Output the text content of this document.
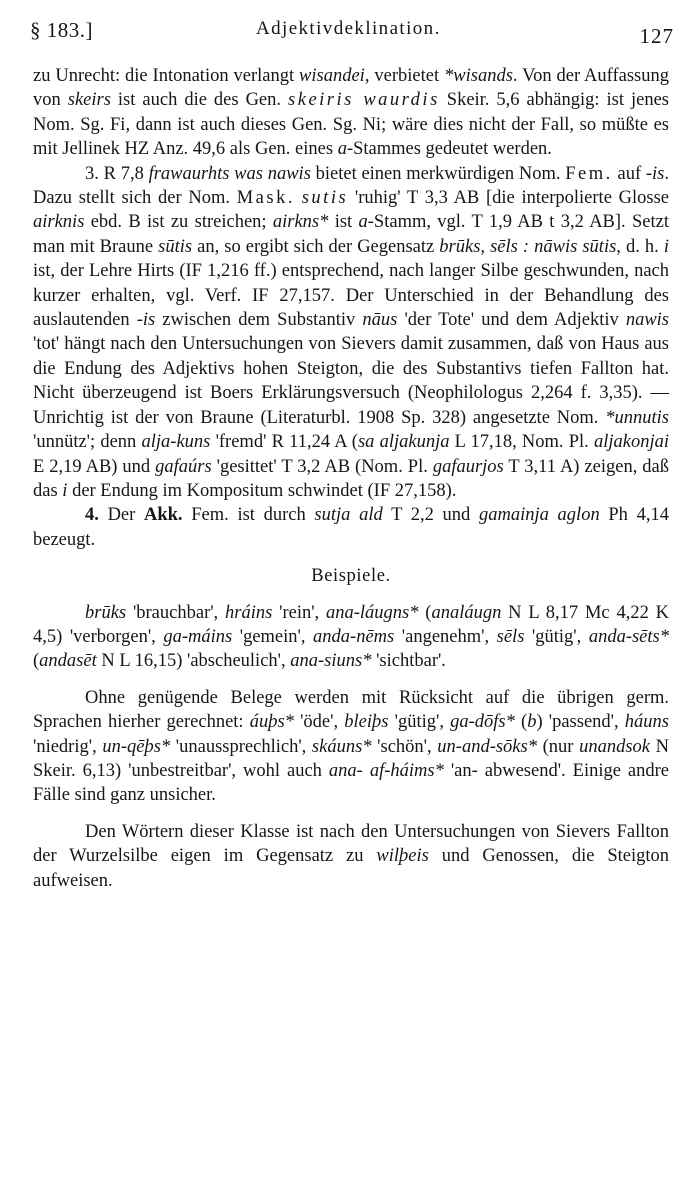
§ 183.]	Adjektivdeklination.	127

zu Unrecht: die Intonation verlangt wisandei, verbietet *wisands. Von der Auffassung von skeirs ist auch die des Gen. skeiris waurdis Skeir. 5,6 abhängig: ist jenes Nom. Sg. Fi, dann ist auch dieses Gen. Sg. Ni; wäre dies nicht der Fall, so müßte es mit Jellinek HZ Anz. 49,6 als Gen. eines a-Stammes gedeutet werden.

3. R 7,8 frawaurhts was nawis bietet einen merkwürdigen Nom. Fem. auf -is. Dazu stellt sich der Nom. Mask. sutis 'ruhig' T 3,3 AB [die interpolierte Glosse airknis ebd. B ist zu streichen; airkns* ist a-Stamm, vgl. T 1,9 AB t 3,2 AB]. Setzt man mit Braune sūtis an, so ergibt sich der Gegensatz brūks, sēls : nāwis sūtis, d. h. i ist, der Lehre Hirts (IF 1,216 ff.) entsprechend, nach langer Silbe geschwunden, nach kurzer erhalten, vgl. Verf. IF 27,157. Der Unterschied in der Behandlung des auslautenden -is zwischen dem Substantiv nāus 'der Tote' und dem Adjektiv nawis 'tot' hängt nach den Untersuchungen von Sievers damit zusammen, daß von Haus aus die Endung des Adjektivs hohen Steigton, die des Substantivs tiefen Fallton hat. Nicht überzeugend ist Boers Erklärungsversuch (Neophilologus 2,264 f. 3,35). — Unrichtig ist der von Braune (Literaturbl. 1908 Sp. 328) angesetzte Nom. *unnutis 'unnütz'; denn alja-kuns 'fremd' R 11,24 A (sa aljakunja L 17,18, Nom. Pl. aljakonjai E 2,19 AB) und gafaúrs 'gesittet' T 3,2 AB (Nom. Pl. gafaurjos T 3,11 A) zeigen, daß das i der Endung im Kompositum schwindet (IF 27,158).

4. Der Akk. Fem. ist durch sutja ald T 2,2 und gamainja aglon Ph 4,14 bezeugt.

Beispiele.

brūks 'brauchbar', hráins 'rein', ana-láugns* (analáugn N L 8,17 Mc 4,22 K 4,5) 'verborgen', ga-máins 'gemein', anda-nēms 'angenehm', sēls 'gütig', anda-sēts* (andasēt N L 16,15) 'abscheulich', ana-siuns* 'sichtbar'.

Ohne genügende Belege werden mit Rücksicht auf die übrigen germ. Sprachen hierher gerechnet: áuþs* 'öde', bleiþs 'gütig', ga-dōfs* (b) 'passend', háuns 'niedrig', un-qēþs* 'unaussprechlich', skáuns* 'schön', un-and-sōks* (nur unandsok N Skeir. 6,13) 'unbestreitbar', wohl auch ana- af-háims* 'an- abwesend'. Einige andre Fälle sind ganz unsicher.

Den Wörtern dieser Klasse ist nach den Untersuchungen von Sievers Fallton der Wurzelsilbe eigen im Gegensatz zu wilþeis und Genossen, die Steigton aufweisen.
